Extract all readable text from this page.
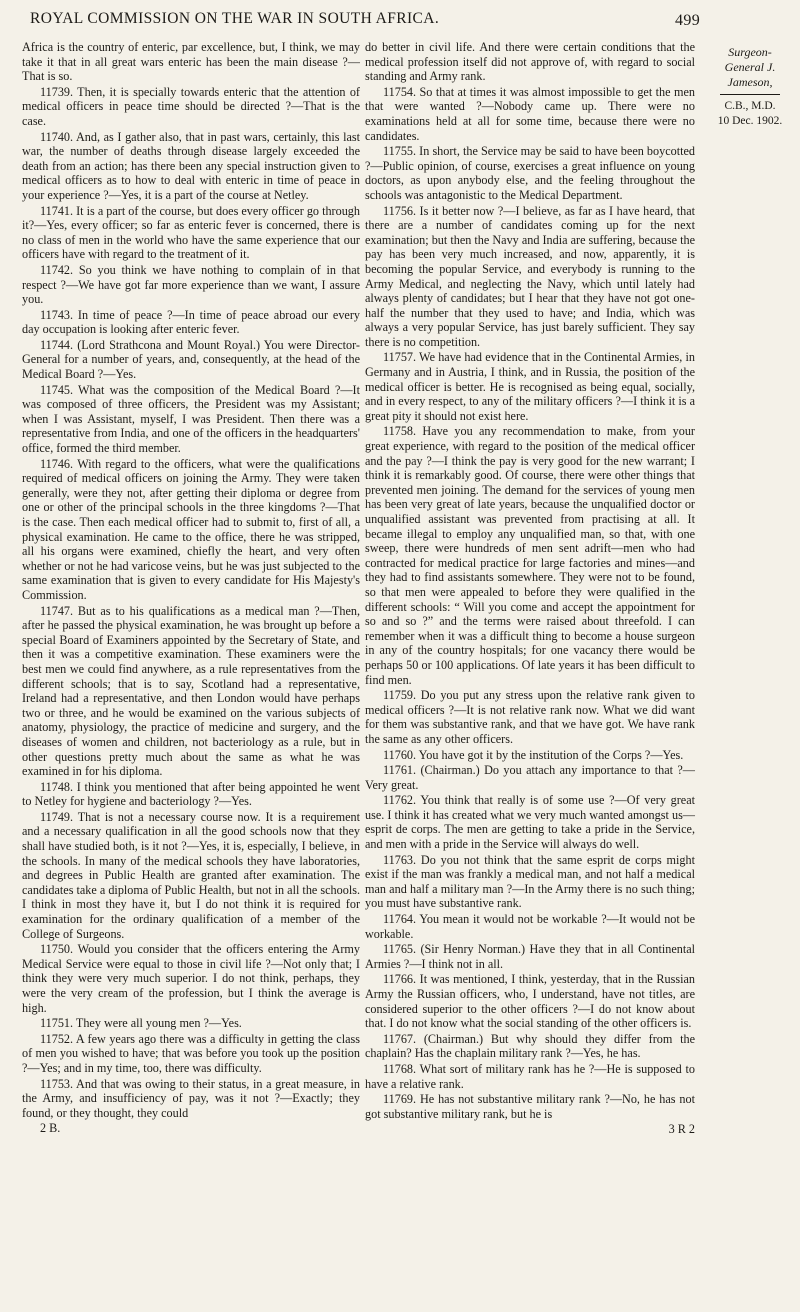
ROYAL COMMISSION ON THE WAR IN SOUTH AFRICA.	499

Africa is the country of enteric, par excellence, but, I think, we may take it that in all great wars enteric has been the main disease ?—That is so.

11739. Then, it is specially towards enteric that the attention of medical officers in peace time should be directed ?—That is the case.

11740. And, as I gather also, that in past wars, certainly, this last war, the number of deaths through disease largely exceeded the death from an action; has there been any special instruction given to medical officers as to how to deal with enteric in time of peace in your experience ?—Yes, it is a part of the course at Netley.

11741. It is a part of the course, but does every officer go through it?—Yes, every officer; so far as enteric fever is concerned, there is no class of men in the world who have the same experience that our officers have with regard to the treatment of it.

11742. So you think we have nothing to complain of in that respect ?—We have got far more experience than we want, I assure you.

11743. In time of peace ?—In time of peace abroad our every day occupation is looking after enteric fever.

11744. (Lord Strathcona and Mount Royal.) You were Director-General for a number of years, and, consequently, at the head of the Medical Board ?—Yes.

11745. What was the composition of the Medical Board ?—It was composed of three officers, the President was my Assistant; when I was Assistant, myself, I was President. Then there was a representative from India, and one of the officers in the headquarters' office, formed the third member.

11746. With regard to the officers, what were the qualifications required of medical officers on joining the Army. They were taken generally, were they not, after getting their diploma or degree from one or other of the principal schools in the three kingdoms ?—That is the case. Then each medical officer had to submit to, first of all, a physical examination. He came to the office, there he was stripped, all his organs were examined, chiefly the heart, and very often whether or not he had varicose veins, but he was just subjected to the same examination that is given to every candidate for His Majesty's Commission.

11747. But as to his qualifications as a medical man ?—Then, after he passed the physical examination, he was brought up before a special Board of Examiners appointed by the Secretary of State, and then it was a competitive examination. These examiners were the best men we could find anywhere, as a rule representatives from the different schools; that is to say, Scotland had a representative, Ireland had a representative, and then London would have perhaps two or three, and he would be examined on the various subjects of anatomy, physiology, the practice of medicine and surgery, and the diseases of women and children, not bacteriology as a rule, but in other questions pretty much about the same as what he was examined in for his diploma.

11748. I think you mentioned that after being appointed he went to Netley for hygiene and bacteriology ?—Yes.

11749. That is not a necessary course now. It is a requirement and a necessary qualification in all the good schools now that they shall have studied both, is it not ?—Yes, it is, especially, I believe, in the schools. In many of the medical schools they have laboratories, and degrees in Public Health are granted after examination. The candidates take a diploma of Public Health, but not in all the schools. I think in most they have it, but I do not think it is required for examination for the ordinary qualification of a member of the College of Surgeons.

11750. Would you consider that the officers entering the Army Medical Service were equal to those in civil life ?—Not only that; I think they were very much superior. I do not think, perhaps, they were the very cream of the profession, but I think the average is high.

11751. They were all young men ?—Yes.

11752. A few years ago there was a difficulty in getting the class of men you wished to have; that was before you took up the position ?—Yes; and in my time, too, there was difficulty.

11753. And that was owing to their status, in a great measure, in the Army, and insufficiency of pay, was it not ?—Exactly; they found, or they thought, they could

2 B.

do better in civil life. And there were certain conditions that the medical profession itself did not approve of, with regard to social standing and Army rank.

11754. So that at times it was almost impossible to get the men that were wanted ?—Nobody came up. There were no examinations held at all for some time, because there were no candidates.

11755. In short, the Service may be said to have been boycotted ?—Public opinion, of course, exercises a great influence on young doctors, as upon anybody else, and the feeling throughout the schools was antagonistic to the Medical Department.

11756. Is it better now ?—I believe, as far as I have heard, that there are a number of candidates coming up for the next examination; but then the Navy and India are suffering, because the pay has been very much increased, and now, apparently, it is becoming the popular Service, and everybody is running to the Army Medical, and neglecting the Navy, which until lately had always plenty of candidates; but I hear that they have not got one-half the number that they used to have; and India, which was always a very popular Service, has just barely sufficient. They say there is no competition.

11757. We have had evidence that in the Continental Armies, in Germany and in Austria, I think, and in Russia, the position of the medical officer is better. He is recognised as being equal, socially, and in every respect, to any of the military officers ?—I think it is a great pity it should not exist here.

11758. Have you any recommendation to make, from your great experience, with regard to the position of the medical officer and the pay ?—I think the pay is very good for the new warrant; I think it is remarkably good. Of course, there were other things that prevented men joining. The demand for the services of young men has been very great of late years, because the unqualified doctor or unqualified assistant was prevented from practising at all. It became illegal to employ any unqualified man, so that, with one sweep, there were hundreds of men sent adrift—men who had contracted for medical practice for large factories and mines—and they had to find assistants somewhere. They were not to be found, so that men were appealed to before they were qualified in the different schools: “ Will you come and accept the appointment for so and so ?” and the terms were raised about threefold. I can remember when it was a difficult thing to become a house surgeon in any of the country hospitals; for one vacancy there would be perhaps 50 or 100 applications. Of late years it has been difficult to find men.

11759. Do you put any stress upon the relative rank given to medical officers ?—It is not relative rank now. What we did want for them was substantive rank, and that we have got. We have rank the same as any other officers.

11760. You have got it by the institution of the Corps ?—Yes.

11761. (Chairman.) Do you attach any importance to that ?—Very great.

11762. You think that really is of some use ?—Of very great use. I think it has created what we very much wanted amongst us—esprit de corps. The men are getting to take a pride in the Service, and men with a pride in the Service will always do well.

11763. Do you not think that the same esprit de corps might exist if the man was frankly a medical man, and not half a medical man and half a military man ?—In the Army there is no such thing; you must have substantive rank.

11764. You mean it would not be workable ?—It would not be workable.

11765. (Sir Henry Norman.) Have they that in all Continental Armies ?—I think not in all.

11766. It was mentioned, I think, yesterday, that in the Russian Army the Russian officers, who, I understand, have not titles, are considered superior to the other officers ?—I do not know about that. I do not know what the social standing of the other officers is.

11767. (Chairman.) But why should they differ from the chaplain? Has the chaplain military rank ?—Yes, he has.

11768. What sort of military rank has he ?—He is supposed to have a relative rank.

11769. He has not substantive military rank ?—No, he has not got substantive military rank, but he is

3 R 2

Surgeon-
General J.
Jameson,
C.B., M.D.
10 Dec. 1902.
